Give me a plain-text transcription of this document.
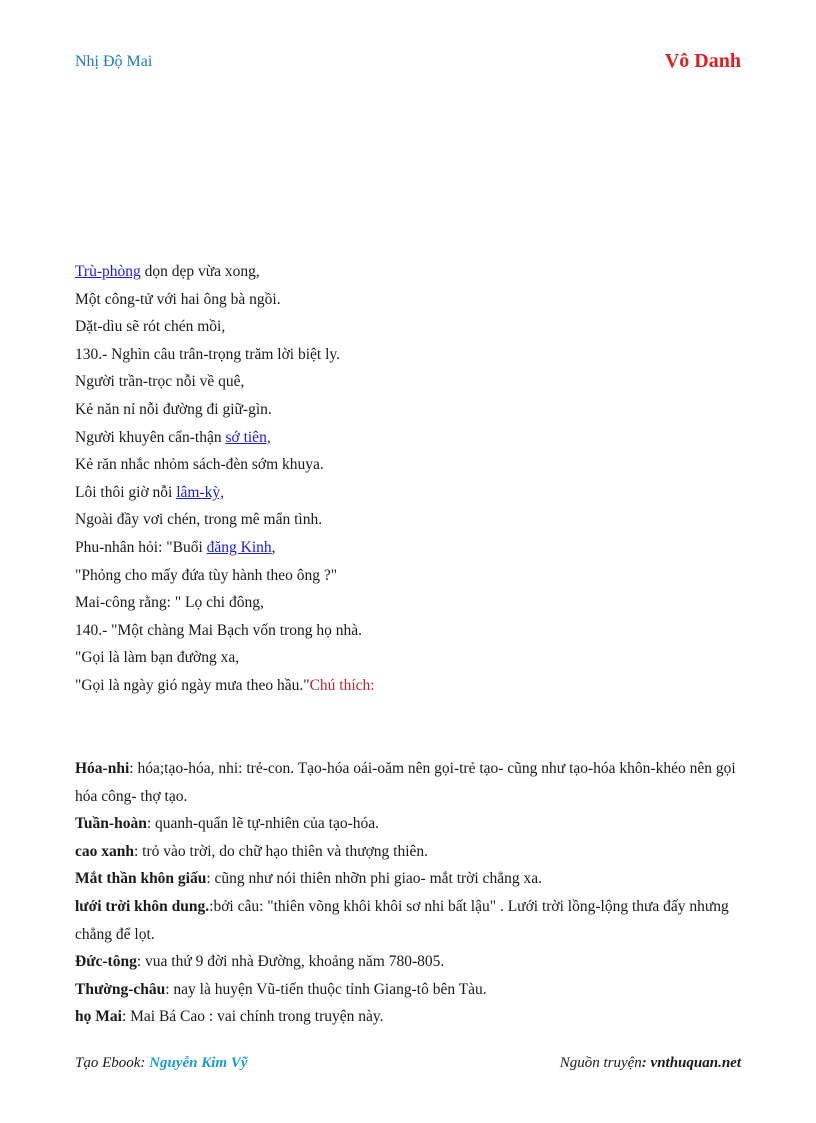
Nhị Độ Mai	Vô Danh
Trù-phòng dọn dẹp vừa xong,
Một công-tử với hai ông bà ngồi.
Dặt-dìu sẽ rót chén mồi,
130.- Nghìn câu trân-trọng trăm lời biệt ly.
Người trần-trọc nỗi về quê,
Kẻ năn nỉ nỗi đường đi giữ-gìn.
Người khuyên cẩn-thận sớ tiên,
Kẻ răn nhắc nhỏm sách-đèn sớm khuya.
Lôi thôi giờ nỗi lâm-kỳ,
Ngoài đầy vơi chén, trong mê mẩn tình.
Phu-nhân hỏi: "Buổi đăng Kinh,
"Phỏng cho mấy đứa tùy hành theo ông ?"
Mai-công rằng: " Lọ chi đông,
140.- "Một chàng Mai Bạch vốn trong họ nhà.
"Gọi là làm bạn đường xa,
"Gọi là ngày gió ngày mưa theo hầu."Chú thích:

Hóa-nhi: hóa;tạo-hóa, nhi: trẻ-con. Tạo-hóa oái-oăm nên gọi-trẻ tạo- cũng như tạo-hóa khôn-khéo nên gọi hóa công- thợ tạo.

Tuần-hoàn: quanh-quẩn lẽ tự-nhiên của tạo-hóa.

cao xanh: trỏ vào trời, do chữ hạo thiên và thượng thiên.

Mắt thần khôn giấu: cũng như nói thiên nhỡn phi giao- mắt trời chẳng xa.

lưới trời khôn dung.:bởi câu: "thiên võng khôi khôi sơ nhi bất lậu" . Lưới trời lồng-lộng thưa đấy nhưng chẳng để lọt.

Đức-tông: vua thứ 9 đời nhà Đường, khoảng năm 780-805.

Thường-châu: nay là huyện Vũ-tiến thuộc tỉnh Giang-tô bên Tàu.

họ Mai: Mai Bá Cao : vai chính trong truyện này.

Tạo Ebook: Nguyễn Kim Vỹ	Nguồn truyện: vnthuquan.net
